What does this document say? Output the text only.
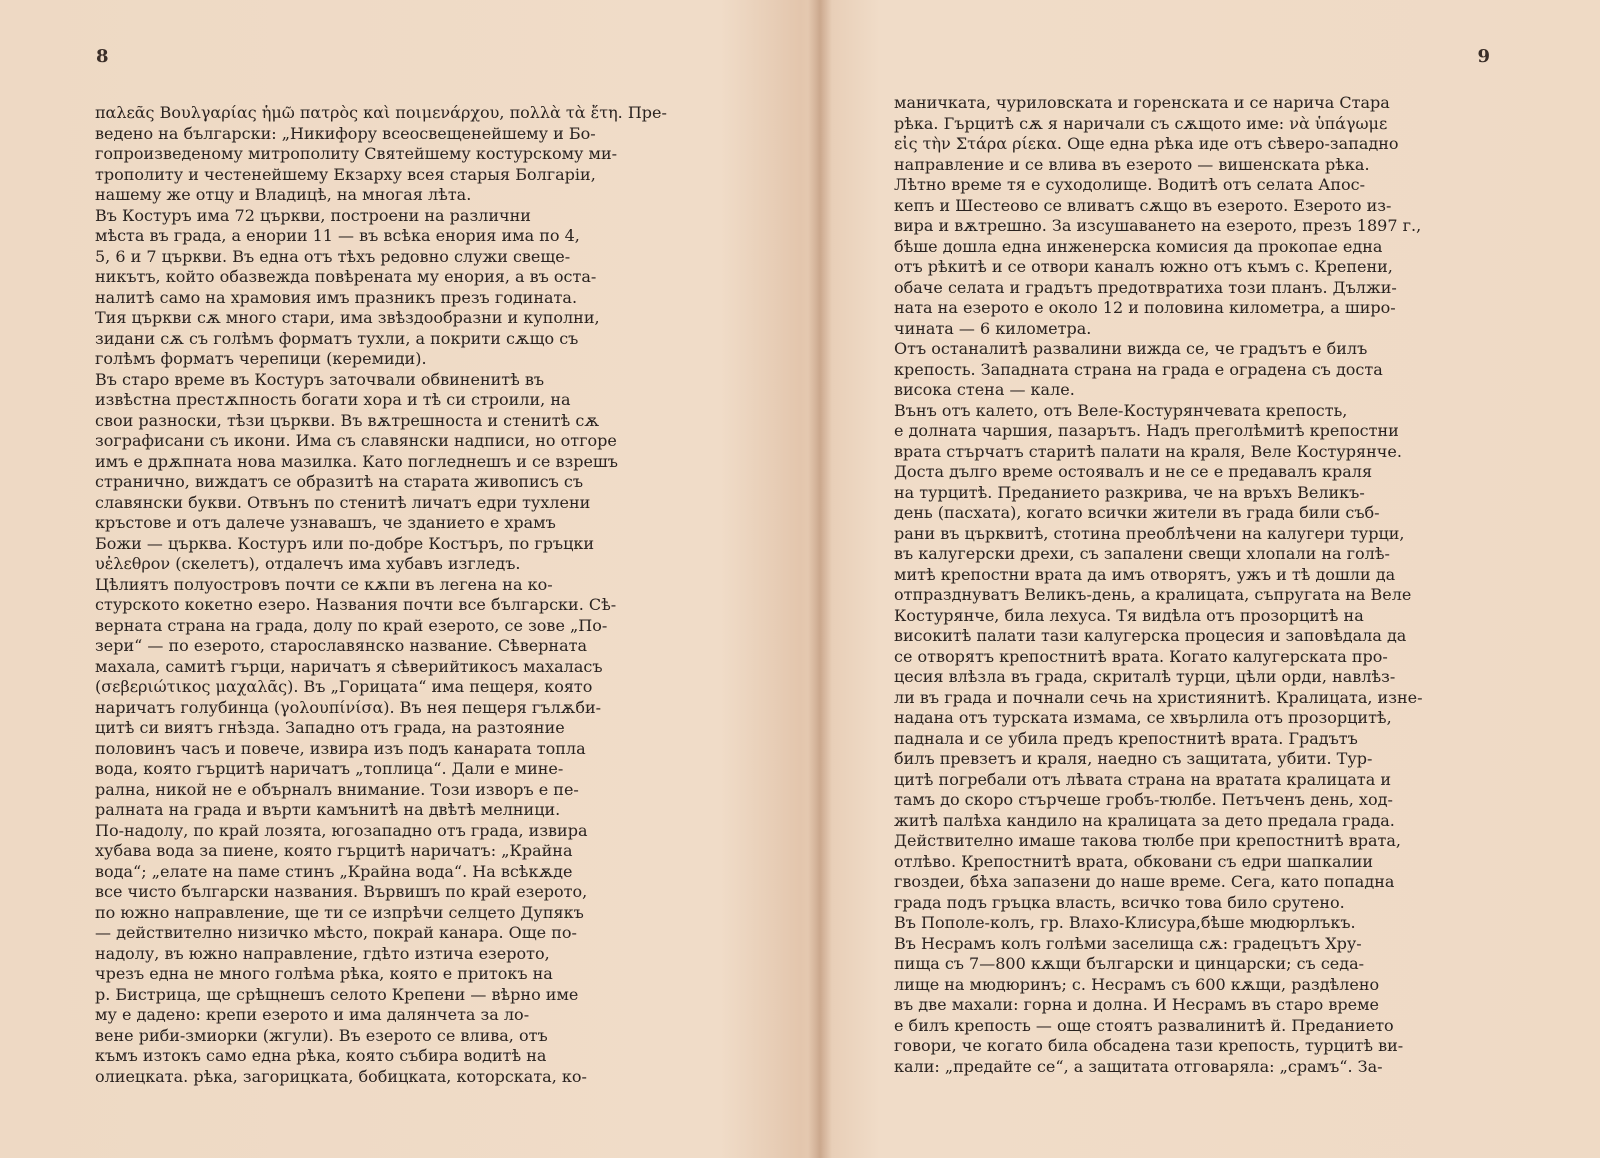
8
παλεᾶς Βουλγαρίας ἡμῶ πατρὸς καὶ ποιμενάρχου, πολλὰ τὰ ἔτη. Пре-
ведено на български: „Никифору всеосвещенейшему и Бо-
гопроизведеному митрополиту Святейшему костурскому ми-
трополиту и честенейшему Екзарху всея старыя Болгаріи,
нашему же отцу и Владицѣ, на многая лѣта.
Въ Костуръ има 72 църкви, построени на различни
мѣста въ града, а енории 11 — въ всѣка енория има по 4,
5, 6 и 7 църкви. Въ една отъ тѣхъ редовно служи свеще-
никътъ, който обазвежда повѣрената му енория, а въ оста-
налитѣ само на храмовия имъ празникъ презъ годината.
Тия църкви сѫ много стари, има звѣздообразни и куполни,
зидани сѫ съ голѣмъ форматъ тухли, а покрити сѫщо съ
голѣмъ форматъ черепици (керемиди).
Въ старо време въ Костуръ заточвали обвиненитѣ въ
извѣстна престѫпность богати хора и тѣ си строили, на
свои разноски, тѣзи църкви. Въ вѫтрешноста и стенитѣ сѫ
зографисани съ икони. Има съ славянски надписи, но отгоре
имъ е дрѫпната нова мазилка. Като погледнешъ и се взрешъ
странично, виждатъ се образитѣ на старата живописъ съ
славянски букви. Отвънъ по стенитѣ личатъ едри тухлени
кръстове и отъ далече узнавашъ, че зданието е храмъ
Божи — църква. Костуръ или по-добре Костъръ, по гръцки
υἐλεθρον (скелетъ), отдалечъ има хубавъ изгледъ.
Цѣлиятъ полуостровъ почти се кѫпи въ легена на ко-
стурското кокетно езеро. Названия почти все български. Сѣ-
верната страна на града, долу по край езерото, се зове „По-
зери“ — по езерото, старославянско название. Сѣверната
махала, самитѣ гърци, наричатъ я сѣверийтикосъ махаласъ
(σεβεριώτικος μαχαλᾶς). Въ „Горицата“ има пещеря, която
наричатъ голубинца (γολουπίνίσα). Въ нея пещеря гълѫби-
цитѣ си виятъ гнѣзда. Западно отъ града, на разтояние
половинъ часъ и повече, извира изъ подъ канарата топла
вода, която гърцитѣ наричатъ „топлица“. Дали е мине-
рална, никой не е обърналъ внимание. Този изворъ е пе-
ралната на града и върти камънитѣ на двѣтѣ мелници.
По-надолу, по край лозята, югозападно отъ града, извира
хубава вода за пиене, която гърцитѣ наричатъ: „Крайна
вода“; „елате на паме стинъ „Крайна вода“. На всѣкѫде
все чисто български названия. Вървишъ по край езерото,
по южно направление, ще ти се изпрѣчи селцето Дупякъ
— действително низичко мѣсто, покрай канара. Още по-
надолу, въ южно направление, гдѣто изтича езерото,
чрезъ една не много голѣма рѣка, която е притокъ на
р. Бистрица, ще срѣщнешъ селото Крепени — вѣрно име
му е дадено: крепи езерото и има далянчета за ло-
вене риби-змиорки (жгули). Въ езерото се влива, отъ
къмъ изтокъ само една рѣка, която събира водитѣ на
олиецката. рѣка, загорицката, бобицката, которската, ко-
9
маничката, чуриловската и горенската и се нарича Стара
рѣка. Гърцитѣ сѫ я наричали съ сѫщото име: νὰ ὑπάγωμε
εἰς τὴν Στάρα ρίεκα. Още една рѣка иде отъ сѣверо-западно
направление и се влива въ езерото — вишенската рѣка.
Лѣтно време тя е суходолище. Водитѣ отъ селата Апос-
кепъ и Шестеово се вливатъ сѫщо въ езерото. Езерото из-
вира и вѫтрешно. За изсушаването на езерото, презъ 1897 г.,
бѣше дошла една инженерска комисия да прокопае една
отъ рѣкитѣ и се отвори каналъ южно отъ къмъ с. Крепени,
обаче селата и градътъ предотвратиха този планъ. Дължи-
ната на езерото е около 12 и половина километра, а широ-
чината — 6 километра.
Отъ останалитѣ развалини вижда се, че градътъ е билъ
крепость. Западната страна на града е оградена съ доста
висока стена — кале.
Вънъ отъ калето, отъ Веле-Костурянчевата крепость,
е долната чаршия, пазарътъ. Надъ преголѣмитѣ крепостни
врата стърчатъ старитѣ палати на краля, Веле Костурянче.
Доста дълго време остоявалъ и не се е предавалъ краля
на турцитѣ. Преданието разкрива, че на връхъ Великъ-
день (пасхата), когато всички жители въ града били съб-
рани въ църквитѣ, стотина преоблѣчени на калугери турци,
въ калугерски дрехи, съ запалени свещи хлопали на голѣ-
митѣ крепостни врата да имъ отворятъ, ужъ и тѣ дошли да
отпразднуватъ Великъ-день, а кралицата, съпругата на Веле
Костурянче, била лехуса. Тя видѣла отъ прозорцитѣ на
високитѣ палати тази калугерска процесия и заповѣдала да
се отворятъ крепостнитѣ врата. Когато калугерската про-
цесия влѣзла въ града, скриталѣ турци, цѣли орди, навлѣз-
ли въ града и почнали сечь на християнитѣ. Кралицата, изне-
надана отъ турската измама, се хвърлила отъ прозорцитѣ,
паднала и се убила предъ крепостнитѣ врата. Градътъ
билъ превзетъ и краля, наедно съ защитата, убити. Тур-
цитѣ погребали отъ лѣвата страна на вратата кралицата и
тамъ до скоро стърчеше гробъ-тюлбе. Петъченъ день, ход-
житѣ палѣха кандило на кралицата за дето предала града.
Действително имаше такова тюлбе при крепостнитѣ врата,
отлѣво. Крепостнитѣ врата, обковани съ едри шапкалии
гвоздеи, бѣха запазени до наше време. Сега, като попадна
града подъ гръцка власть, всичко това било срутено.
Въ Пополе-колъ, гр. Влахо-Клисура,бѣше мюдюрлъкъ.
Въ Несрамъ колъ голѣми заселища сѫ: градецътъ Хру-
пища съ 7—800 кѫщи български и цинцарски; съ седа-
лище на мюдюринъ; с. Несрамъ съ 600 кѫщи, раздѣлено
въ две махали: горна и долна. И Несрамъ въ старо време
е билъ крепость — още стоятъ развалинитѣ й. Преданието
говори, че когато била обсадена тази крепость, турцитѣ ви-
кали: „предайте се“, а защитата отговаряла: „срамъ“. За-
